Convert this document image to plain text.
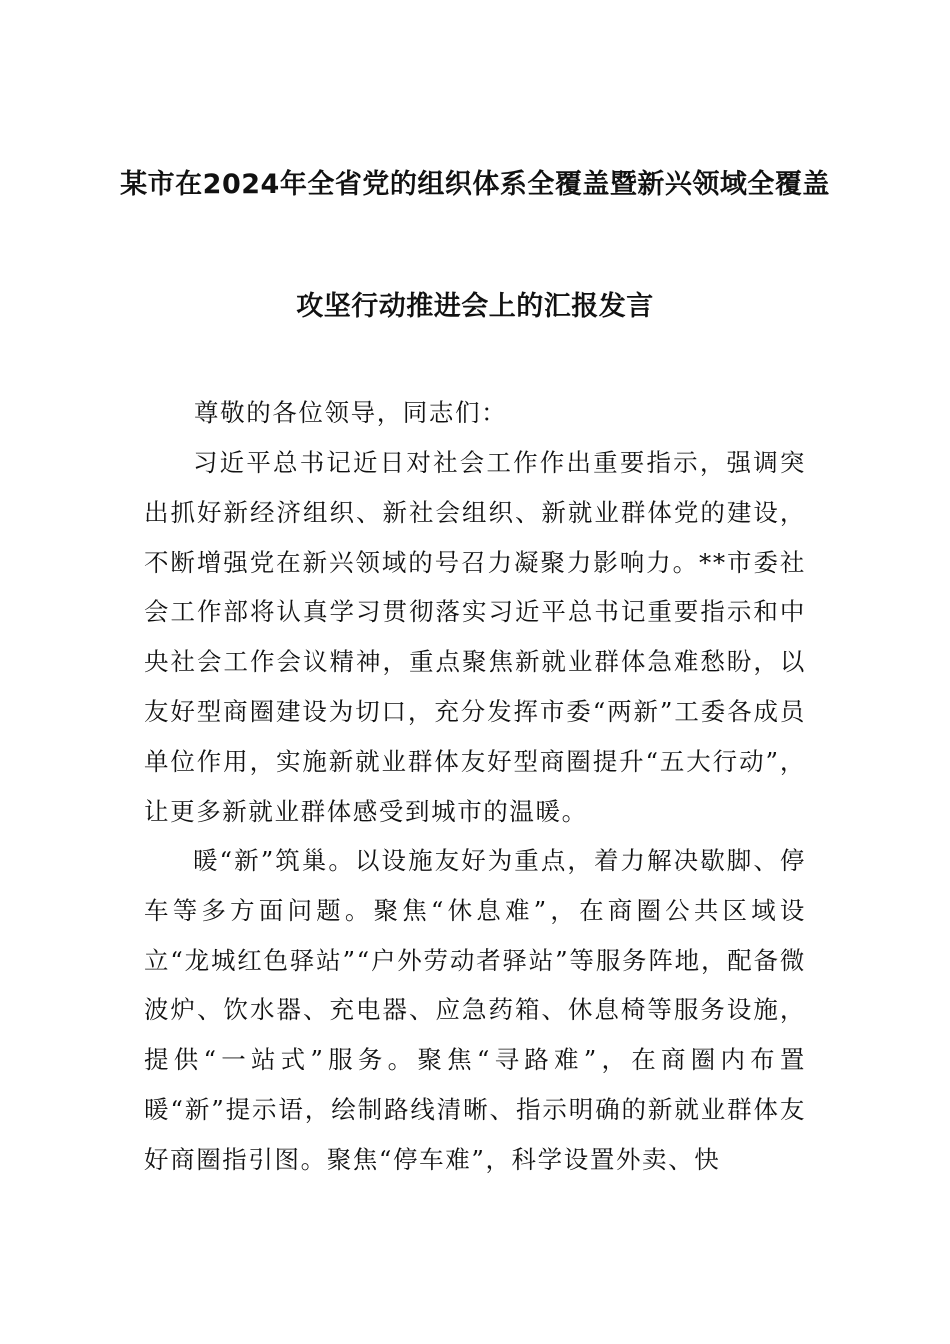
某市在2024年全省党的组织体系全覆盖暨新兴领域全覆盖
攻坚行动推进会上的汇报发言
尊敬的各位领导，同志们：
习近平总书记近日对社会工作作出重要指示，强调突出抓好新经济组织、新社会组织、新就业群体党的建设，不断增强党在新兴领域的号召力凝聚力影响力。**市委社会工作部将认真学习贯彻落实习近平总书记重要指示和中央社会工作会议精神，重点聚焦新就业群体急难愁盼，以友好型商圈建设为切口，充分发挥市委“两新”工委各成员单位作用，实施新就业群体友好型商圈提升“五大行动”，让更多新就业群体感受到城市的温暖。
暖“新”筑巢。以设施友好为重点，着力解决歇脚、停车等多方面问题。聚焦“休息难”，在商圈公共区域设立“龙城红色驿站”“户外劳动者驿站”等服务阵地，配备微波炉、饮水器、充电器、应急药箱、休息椅等服务设施，提供“一站式”服务。聚焦“寻路难”，在商圈内布置暖“新”提示语，绘制路线清晰、指示明确的新就业群体友好商圈指引图。聚焦“停车难”，科学设置外卖、快
